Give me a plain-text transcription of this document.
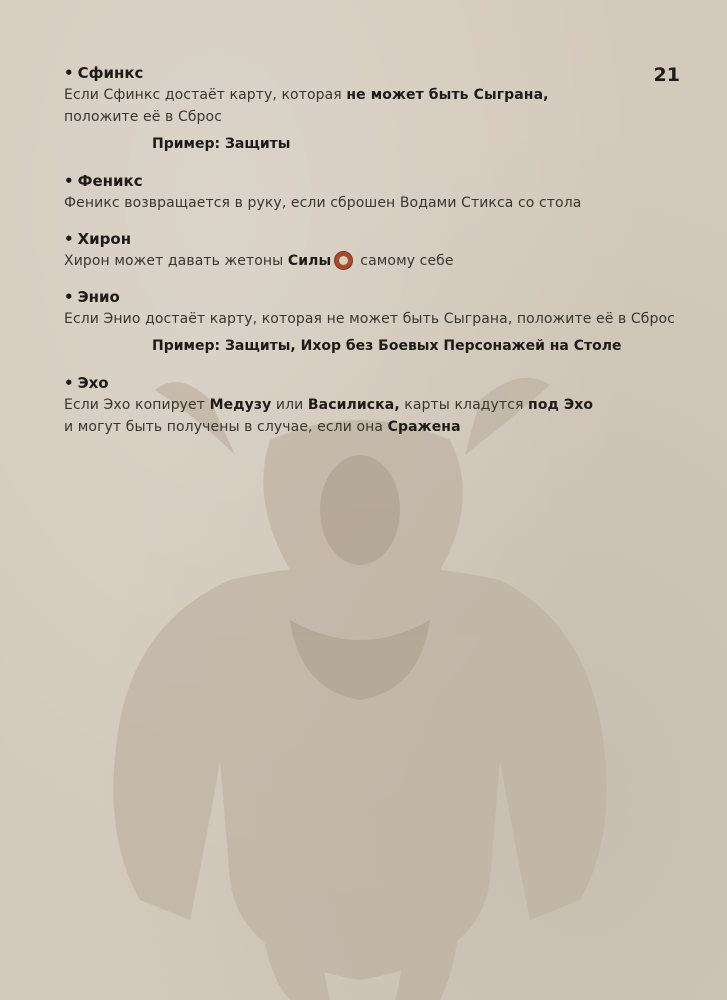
21
• Сфинкс
Если Сфинкс достаёт карту, которая не может быть Сыграна,
положите её в Сброс
Пример: Защиты
• Феникс
Феникс возвращается в руку, если сброшен Водами Стикса со стола
• Хирон
Хирон может давать жетоны Силы самому себе
• Энио
Если Энио достаёт карту, которая не может быть Сыграна, положите её в Сброс
Пример: Защиты, Ихор без Боевых Персонажей на Столе
• Эхо
Если Эхо копирует Медузу или Василиска, карты кладутся под Эхо
и могут быть получены в случае, если она Сражена
